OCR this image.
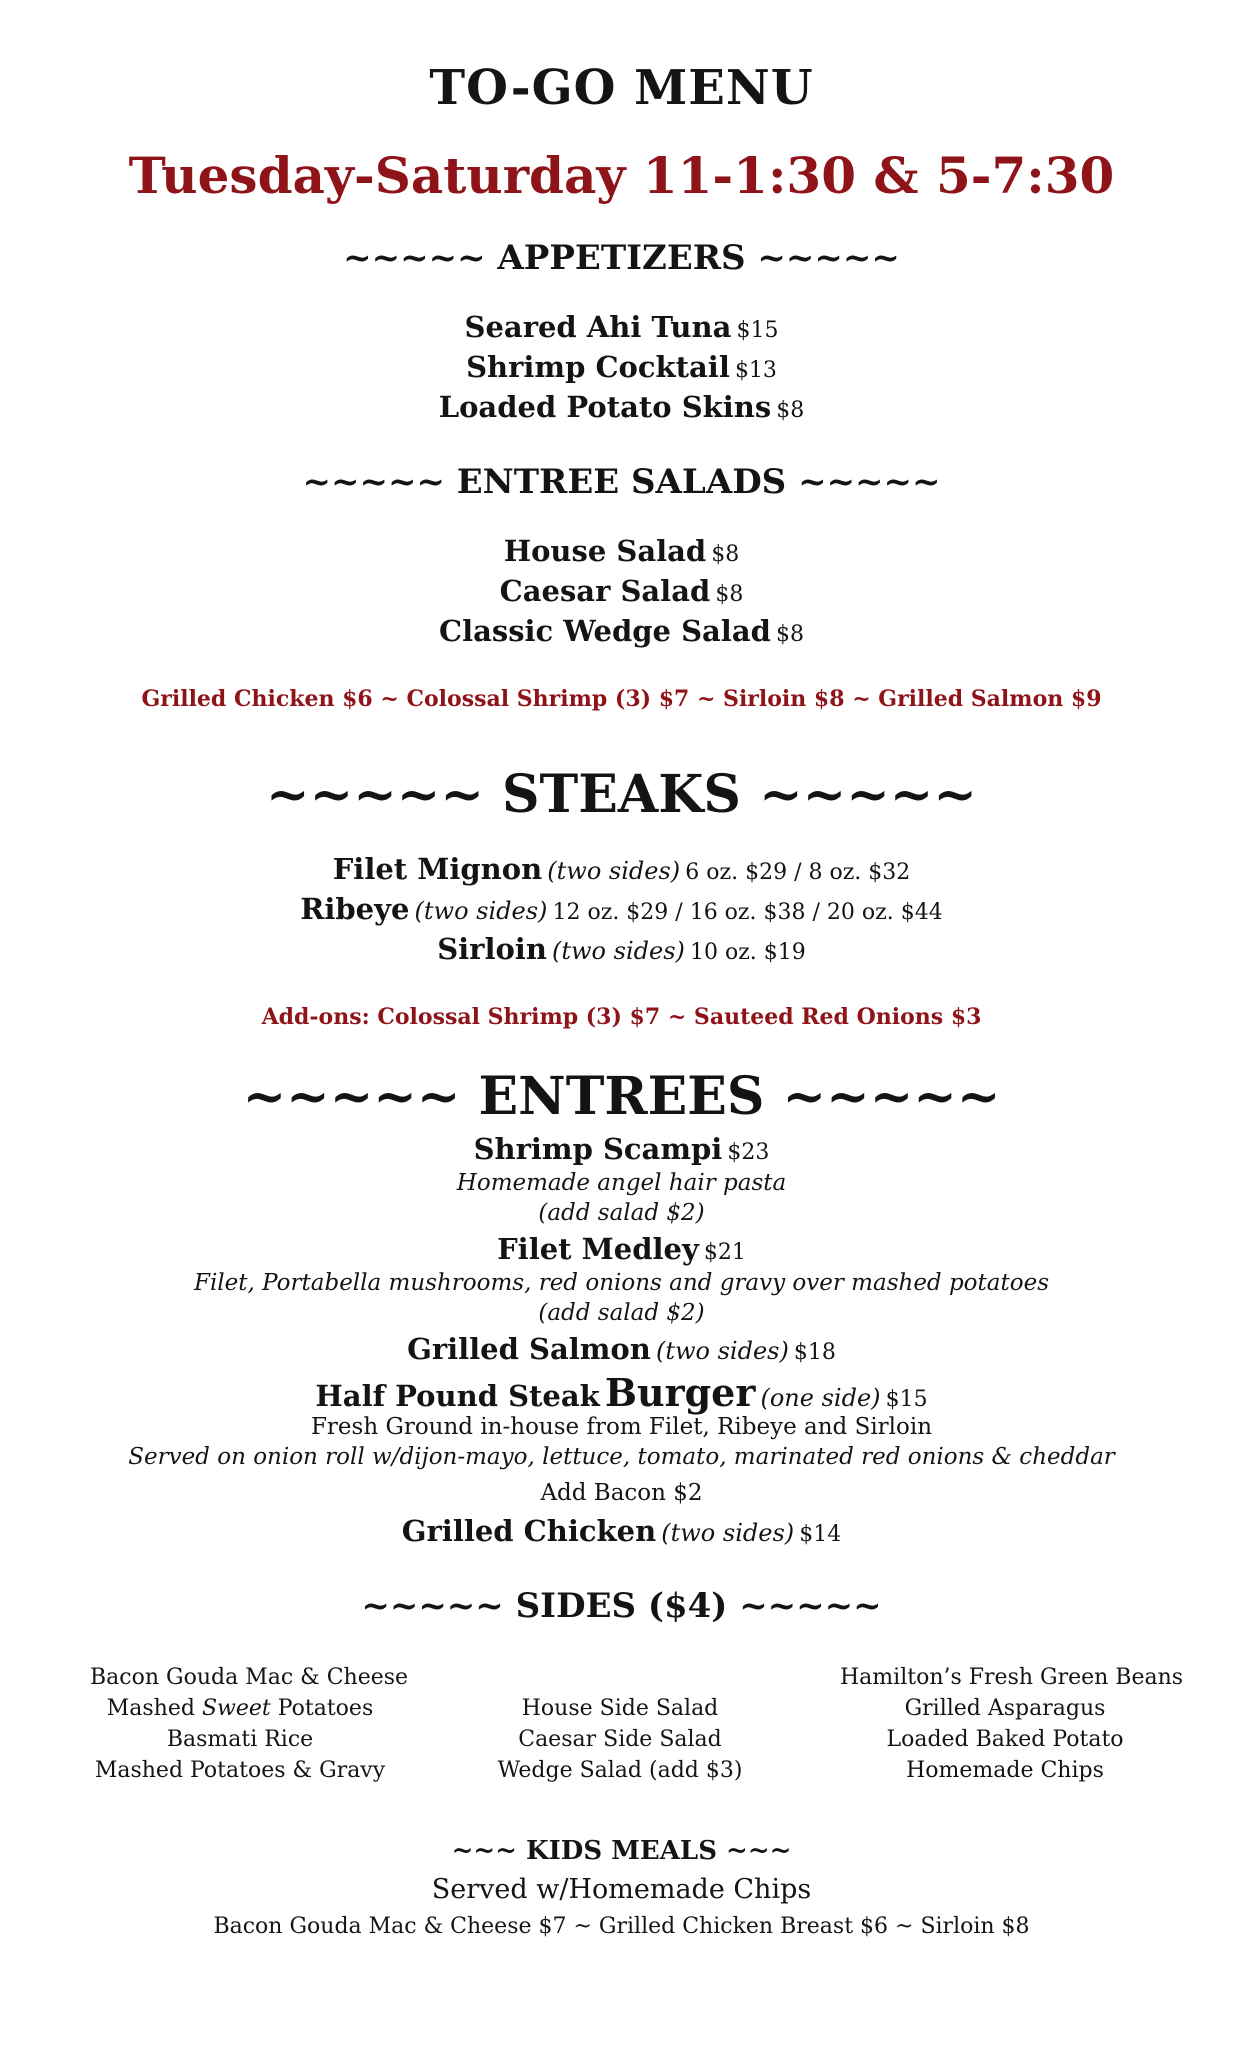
TO-GO MENU
Tuesday-Saturday 11-1:30 & 5-7:30
~~~~~ APPETIZERS ~~~~~
Seared Ahi Tuna $15
Shrimp Cocktail $13
Loaded Potato Skins $8
~~~~~ ENTREE SALADS ~~~~~
House Salad $8
Caesar Salad $8
Classic Wedge Salad $8
Grilled Chicken $6 ~ Colossal Shrimp (3) $7 ~ Sirloin $8 ~ Grilled Salmon $9
~~~~~ STEAKS ~~~~~
Filet Mignon (two sides) 6 oz. $29 / 8 oz. $32
Ribeye (two sides) 12 oz. $29 / 16 oz. $38 / 20 oz. $44
Sirloin (two sides) 10 oz. $19
Add-ons: Colossal Shrimp (3) $7 ~ Sauteed Red Onions $3
~~~~~ ENTREES ~~~~~
Shrimp Scampi $23
Homemade angel hair pasta
(add salad $2)
Filet Medley $21
Filet, Portabella mushrooms, red onions and gravy over mashed potatoes
(add salad $2)
Grilled Salmon (two sides) $18
Half Pound Steak Burger (one side) $15
Fresh Ground in-house from Filet, Ribeye and Sirloin
Served on onion roll w/dijon-mayo, lettuce, tomato, marinated red onions & cheddar
Add Bacon $2
Grilled Chicken (two sides) $14
~~~~~ SIDES ($4) ~~~~~
Bacon Gouda Mac & Cheese
Mashed Sweet Potatoes
Basmati Rice
Mashed Potatoes & Gravy
House Side Salad
Caesar Side Salad
Wedge Salad (add $3)
Hamilton’s Fresh Green Beans
Grilled Asparagus
Loaded Baked Potato
Homemade Chips
~~~ KIDS MEALS ~~~
Served w/Homemade Chips
Bacon Gouda Mac & Cheese $7 ~ Grilled Chicken Breast $6 ~ Sirloin $8
